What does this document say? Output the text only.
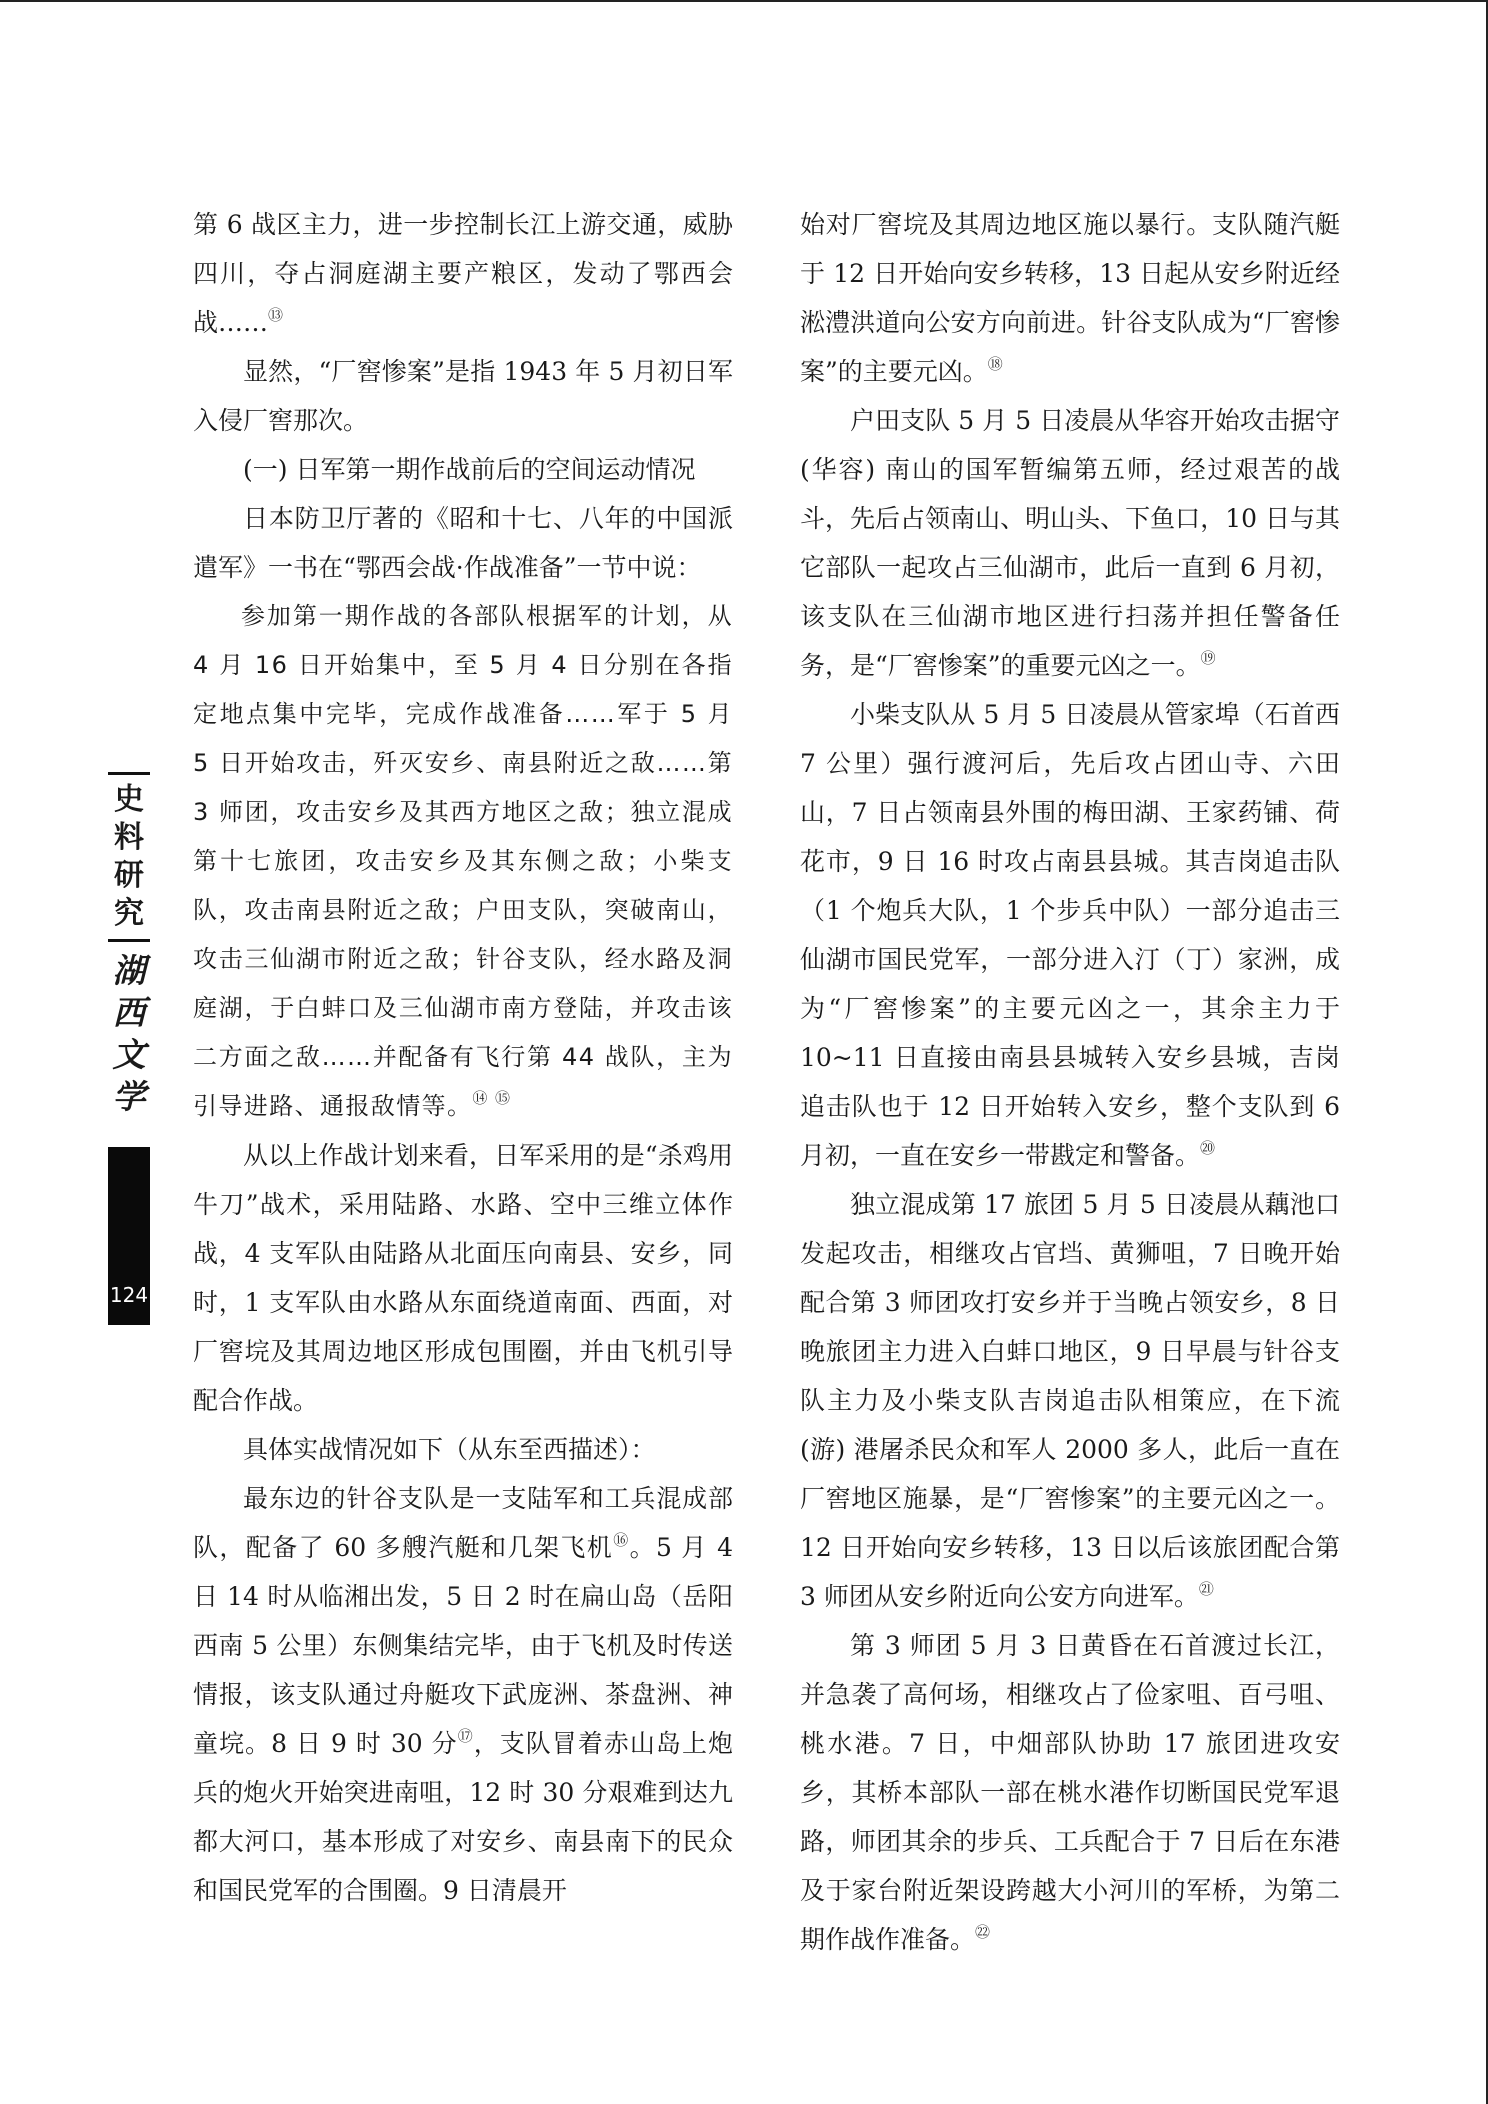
第 6 战区主力，进一步控制长江上游交通，威胁四川，夺占洞庭湖主要产粮区，发动了鄂西会战……⑬

显然，“厂窖惨案”是指 1943 年 5 月初日军入侵厂窖那次。

(一) 日军第一期作战前后的空间运动情况

日本防卫厅著的《昭和十七、八年的中国派遣军》一书在“鄂西会战·作战准备”一节中说：

参加第一期作战的各部队根据军的计划，从 4 月 16 日开始集中，至 5 月 4 日分别在各指定地点集中完毕，完成作战准备……军于 5 月 5 日开始攻击，歼灭安乡、南县附近之敌……第 3 师团，攻击安乡及其西方地区之敌；独立混成第十七旅团，攻击安乡及其东侧之敌；小柴支队，攻击南县附近之敌；户田支队，突破南山，攻击三仙湖市附近之敌；针谷支队，经水路及洞庭湖，于白蚌口及三仙湖市南方登陆，并攻击该二方面之敌……并配备有飞行第 44 战队，主为引导进路、通报敌情等。⑭ ⑮

从以上作战计划来看，日军采用的是“杀鸡用牛刀”战术，采用陆路、水路、空中三维立体作战，4 支军队由陆路从北面压向南县、安乡，同时，1 支军队由水路从东面绕道南面、西面，对厂窖垸及其周边地区形成包围圈，并由飞机引导配合作战。

具体实战情况如下（从东至西描述）：

最东边的针谷支队是一支陆军和工兵混成部队，配备了 60 多艘汽艇和几架飞机⑯。5 月 4 日 14 时从临湘出发，5 日 2 时在扁山岛（岳阳西南 5 公里）东侧集结完毕，由于飞机及时传送情报，该支队通过舟艇攻下武庞洲、茶盘洲、神童垸。8 日 9 时 30 分⑰，支队冒着赤山岛上炮兵的炮火开始突进南咀，12 时 30 分艰难到达九都大河口，基本形成了对安乡、南县南下的民众和国民党军的合围圈。9 日清晨开

始对厂窖垸及其周边地区施以暴行。支队随汽艇于 12 日开始向安乡转移，13 日起从安乡附近经淞澧洪道向公安方向前进。针谷支队成为“厂窖惨案”的主要元凶。⑱

户田支队 5 月 5 日凌晨从华容开始攻击据守(华容) 南山的国军暂编第五师，经过艰苦的战斗，先后占领南山、明山头、下鱼口，10 日与其它部队一起攻占三仙湖市，此后一直到 6 月初，该支队在三仙湖市地区进行扫荡并担任警备任务，是“厂窖惨案”的重要元凶之一。⑲

小柴支队从 5 月 5 日凌晨从管家埠（石首西 7 公里）强行渡河后，先后攻占团山寺、六田山，7 日占领南县外围的梅田湖、王家药铺、荷花市，9 日 16 时攻占南县县城。其吉岗追击队（1 个炮兵大队，1 个步兵中队）一部分追击三仙湖市国民党军，一部分进入汀（丁）家洲，成为“厂窖惨案”的主要元凶之一，其余主力于 10~11 日直接由南县县城转入安乡县城，吉岗追击队也于 12 日开始转入安乡，整个支队到 6 月初，一直在安乡一带戡定和警备。⑳

独立混成第 17 旅团 5 月 5 日凌晨从藕池口发起攻击，相继攻占官垱、黄狮咀，7 日晚开始配合第 3 师团攻打安乡并于当晚占领安乡，8 日晚旅团主力进入白蚌口地区，9 日早晨与针谷支队主力及小柴支队吉岗追击队相策应，在下流(游) 港屠杀民众和军人 2000 多人，此后一直在厂窖地区施暴，是“厂窖惨案”的主要元凶之一。12 日开始向安乡转移，13 日以后该旅团配合第 3 师团从安乡附近向公安方向进军。$^㉑$

第 3 师团 5 月 3 日黄昏在石首渡过长江，并急袭了高何场，相继攻占了俭家咀、百弓咀、桃水港。7 日，中畑部队协助 17 旅团进攻安乡，其桥本部队一部在桃水港作切断国民党军退路，师团其余的步兵、工兵配合于 7 日后在东港及于家台附近架设跨越大小河川的军桥，为第二期作战作准备。$^㉒$

史料研究
湖西文学
124
